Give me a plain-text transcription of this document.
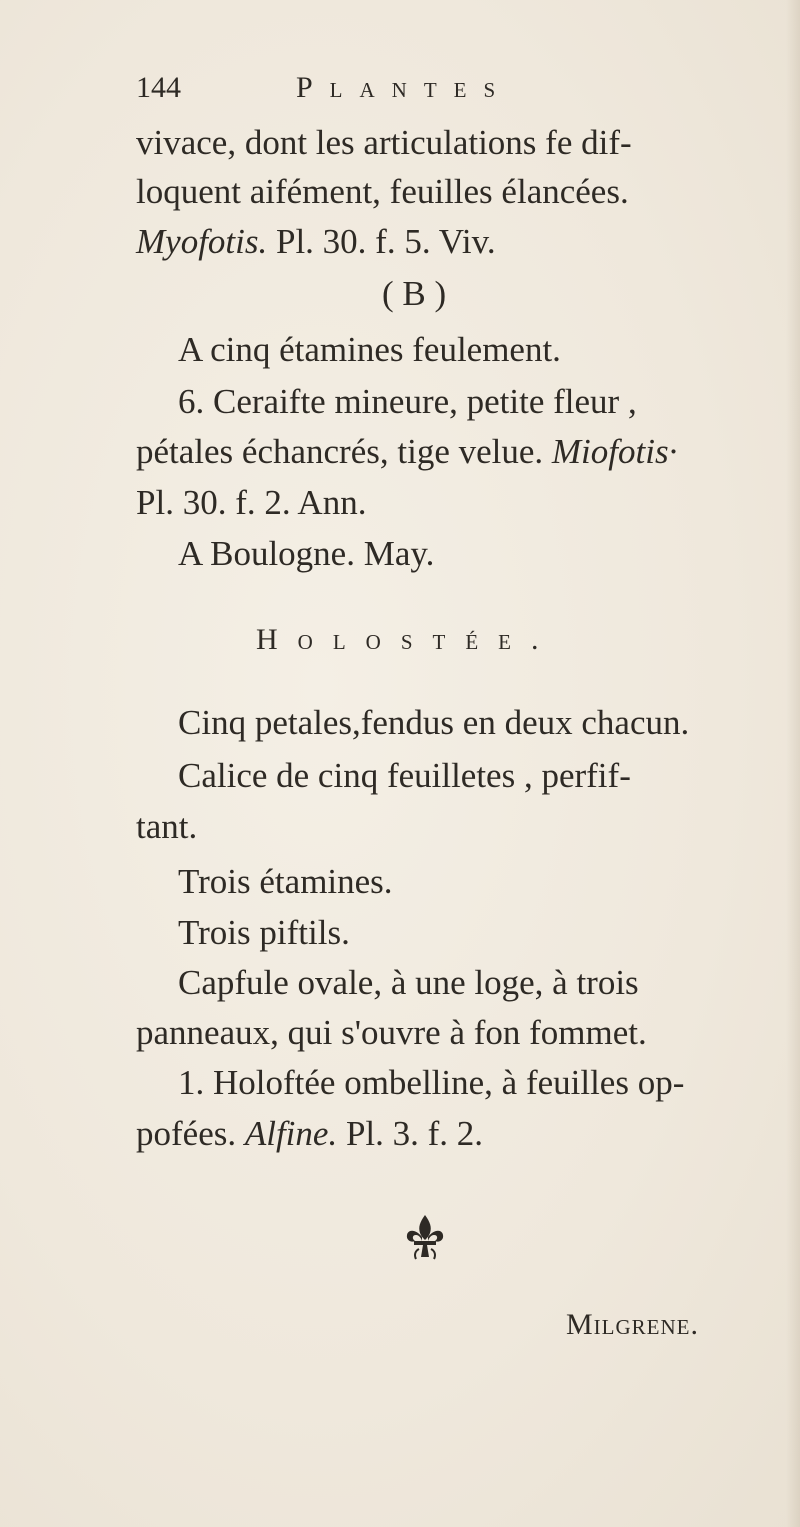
144	Plantes
vivace, dont les articulations fe dif-
loquent aifément, feuilles élancées.
Myofotis. Pl. 30. f. 5. Viv.
( B )
A cinq étamines feulement.
6. Ceraifte mineure, petite fleur ,
pétales échancrés, tige velue. Miofotis·
Pl. 30. f. 2. Ann.
A Boulogne. May.
Holostée.
Cinq petales,fendus en deux chacun.
Calice de cinq feuilletes , perfif-
tant.
Trois étamines.
Trois piftils.
Capfule ovale, à une loge, à trois
panneaux, qui s'ouvre à fon fommet.
1. Holoftée ombelline, à feuilles op-
pofées. Alfine. Pl. 3. f. 2.
Milgrene.
